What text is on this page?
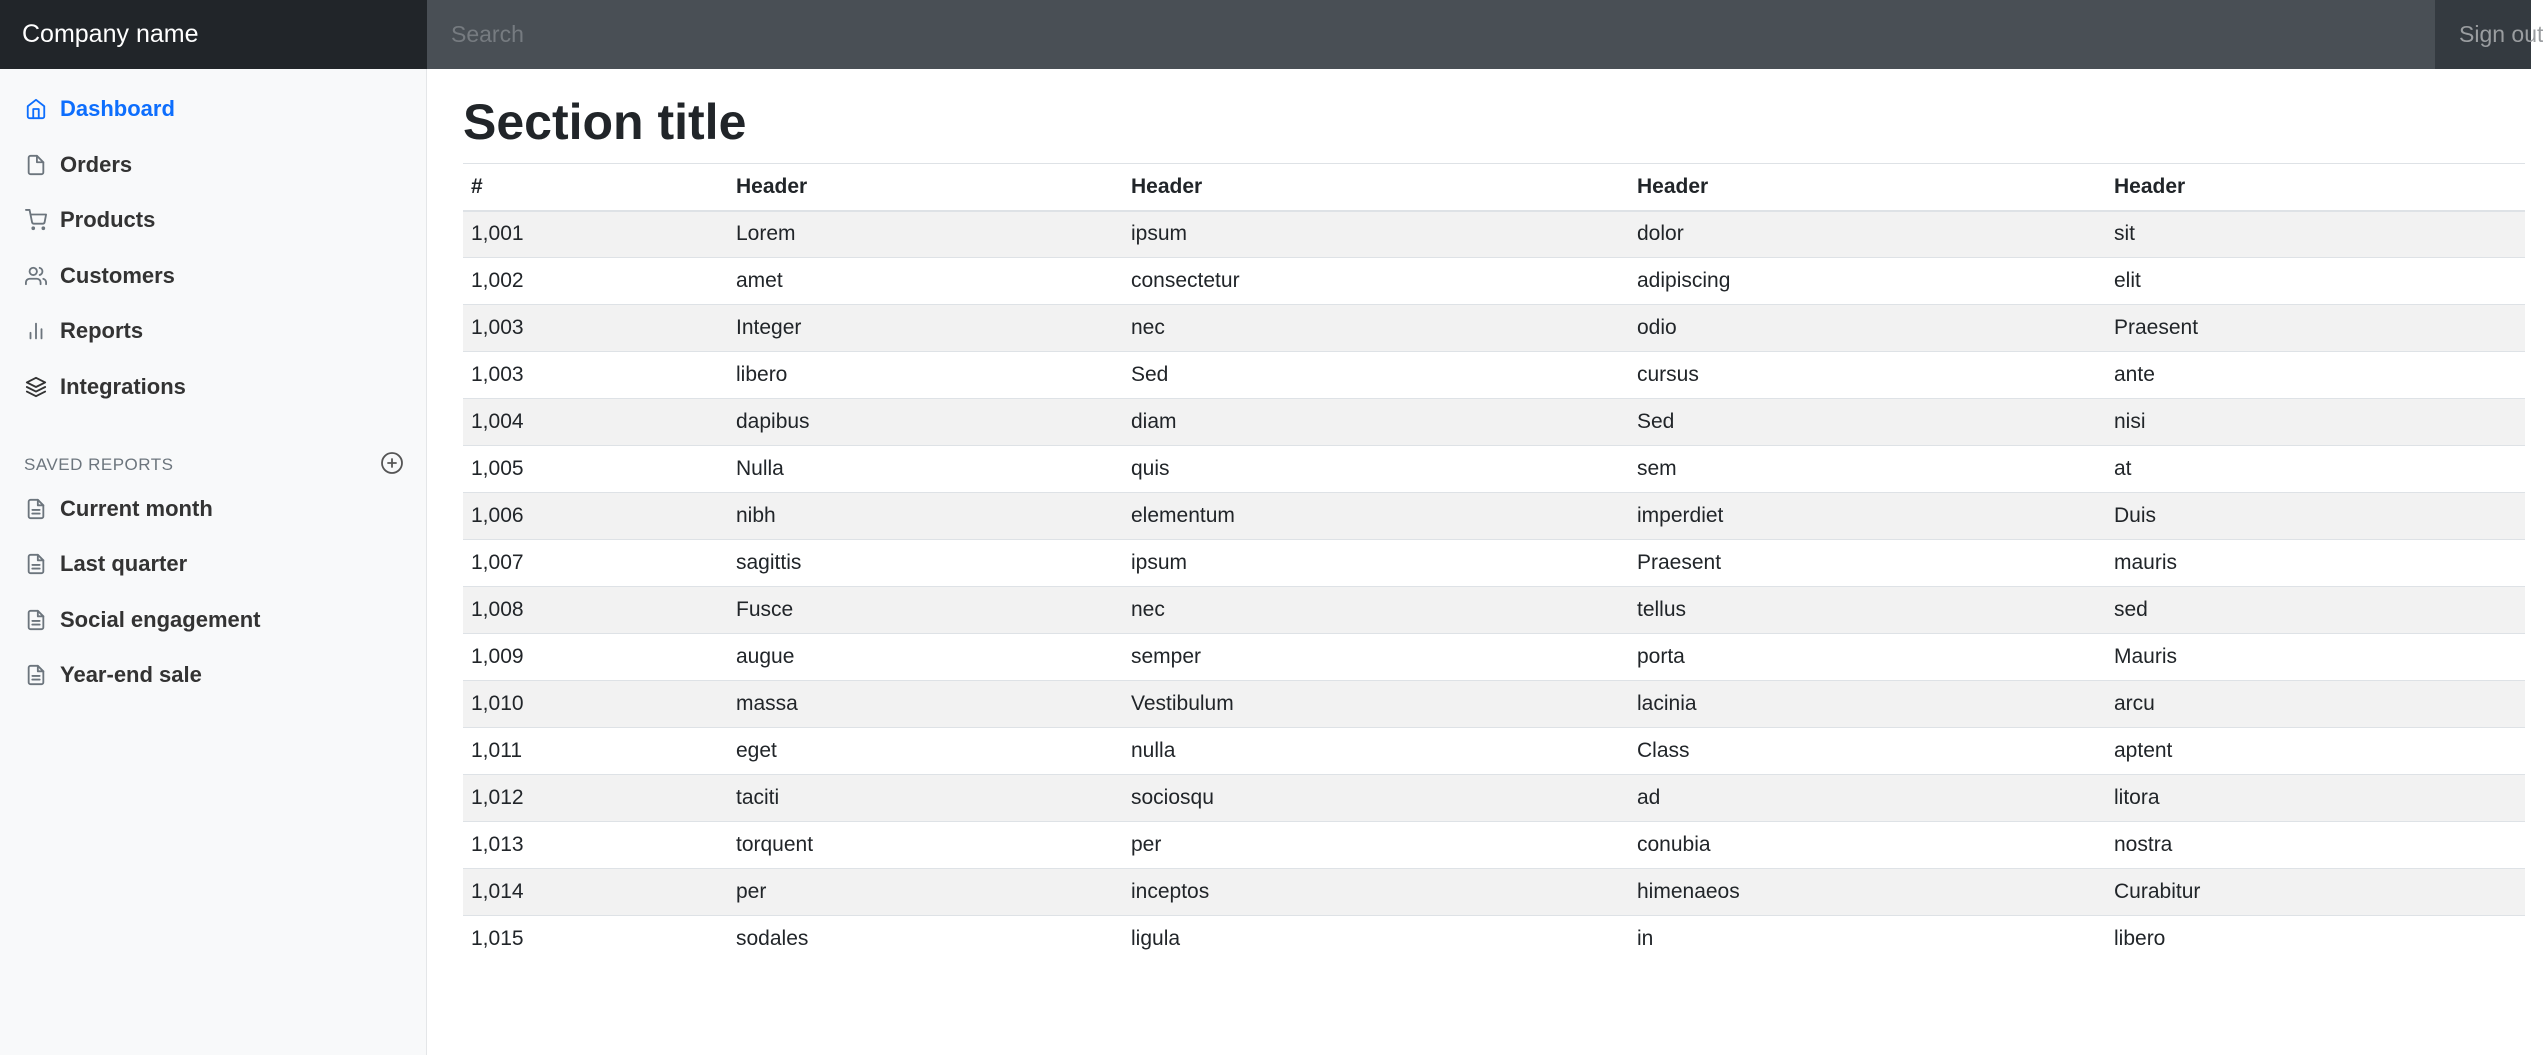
Company name
Search	Sign out
Dashboard
Orders
Products
Customers
Reports
Integrations
SAVED REPORTS
Current month
Last quarter
Social engagement
Year-end sale
Section title
#	Header	Header	Header	Header
1,001	Lorem	ipsum	dolor	sit
1,002	amet	consectetur	adipiscing	elit
1,003	Integer	nec	odio	Praesent
1,003	libero	Sed	cursus	ante
1,004	dapibus	diam	Sed	nisi
1,005	Nulla	quis	sem	at
1,006	nibh	elementum	imperdiet	Duis
1,007	sagittis	ipsum	Praesent	mauris
1,008	Fusce	nec	tellus	sed
1,009	augue	semper	porta	Mauris
1,010	massa	Vestibulum	lacinia	arcu
1,011	eget	nulla	Class	aptent
1,012	taciti	sociosqu	ad	litora
1,013	torquent	per	conubia	nostra
1,014	per	inceptos	himenaeos	Curabitur
1,015	sodales	ligula	in	libero
